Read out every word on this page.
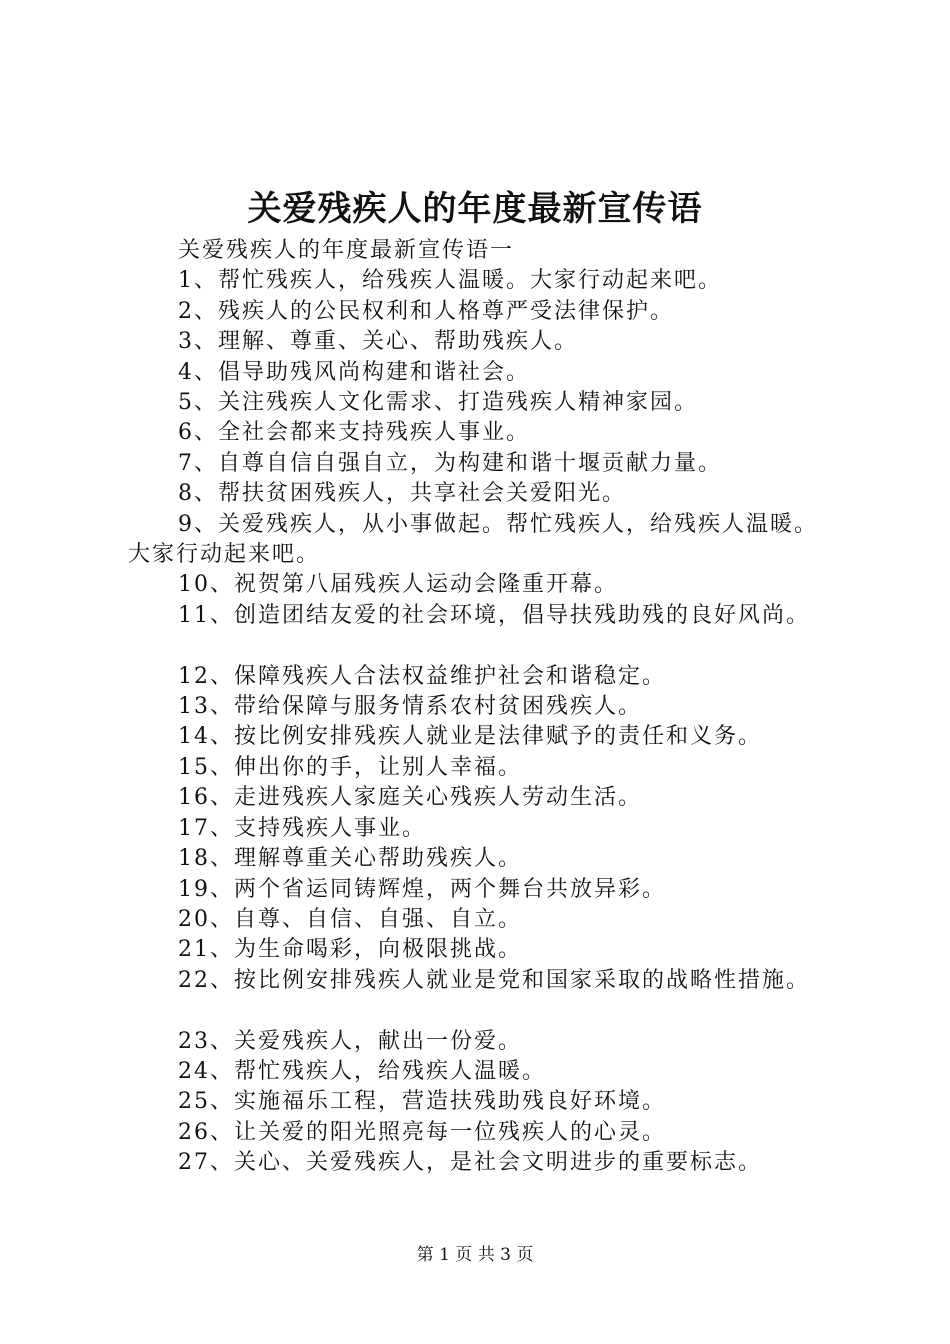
关爱残疾人的年度最新宣传语
关爱残疾人的年度最新宣传语一
1、帮忙残疾人，给残疾人温暖。大家行动起来吧。
2、残疾人的公民权利和人格尊严受法律保护。
3、理解、尊重、关心、帮助残疾人。
4、倡导助残风尚构建和谐社会。
5、关注残疾人文化需求、打造残疾人精神家园。
6、全社会都来支持残疾人事业。
7、自尊自信自强自立，为构建和谐十堰贡献力量。
8、帮扶贫困残疾人，共享社会关爱阳光。
9、关爱残疾人，从小事做起。帮忙残疾人，给残疾人温暖。
大家行动起来吧。
10、祝贺第八届残疾人运动会隆重开幕。
11、创造团结友爱的社会环境，倡导扶残助残的良好风尚。
12、保障残疾人合法权益维护社会和谐稳定。
13、带给保障与服务情系农村贫困残疾人。
14、按比例安排残疾人就业是法律赋予的责任和义务。
15、伸出你的手，让别人幸福。
16、走进残疾人家庭关心残疾人劳动生活。
17、支持残疾人事业。
18、理解尊重关心帮助残疾人。
19、两个省运同铸辉煌，两个舞台共放异彩。
20、自尊、自信、自强、自立。
21、为生命喝彩，向极限挑战。
22、按比例安排残疾人就业是党和国家采取的战略性措施。
23、关爱残疾人，献出一份爱。
24、帮忙残疾人，给残疾人温暖。
25、实施福乐工程，营造扶残助残良好环境。
26、让关爱的阳光照亮每一位残疾人的心灵。
27、关心、关爱残疾人，是社会文明进步的重要标志。
第 1 页 共 3 页
